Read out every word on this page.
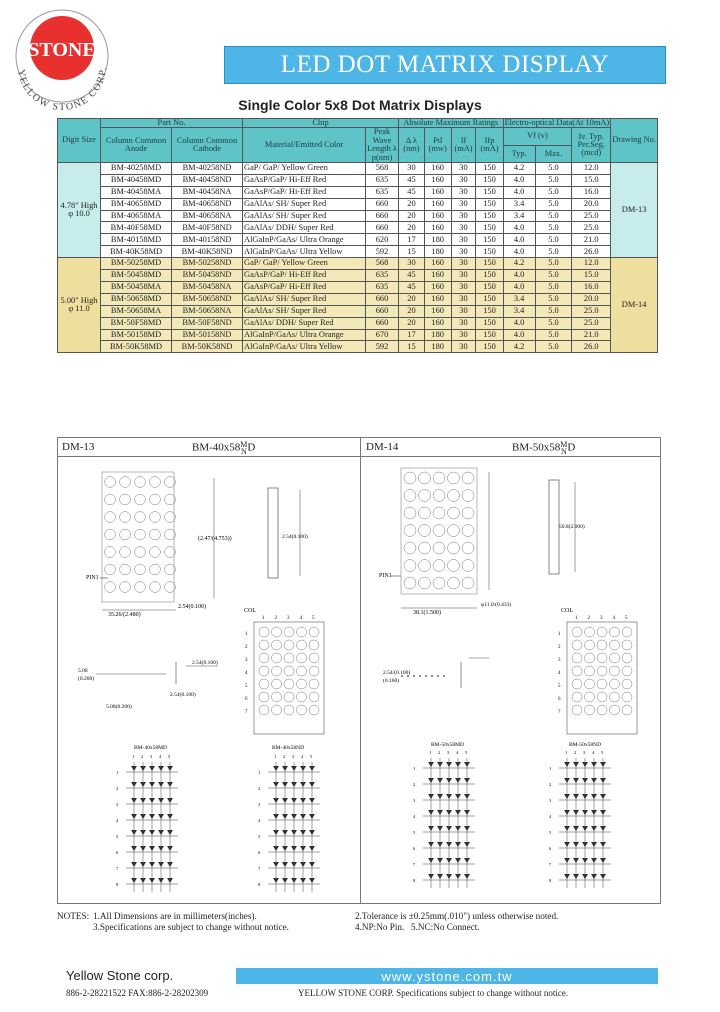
STONE
YELLOW STONE CORP.	LED DOT MATRIX DISPLAY
Single Color 5x8 Dot Matrix Displays
Digit Size	Part No.		Chip		Absolute Maximum Ratings				Electro-optical Data(At 10mA)			Drawing No.
	Column Common Anode	Column Common Cathode	Material/Emitted Color	Peak Wave Length λ p(nm)	Δ λ (nm)	Pd (mw)	If (mA)	Ifp (mA)	Vf (v)		Iv. Typ. Per.Seg. (mcd)	
									Typ.	Max.		
4.78" High φ 10.0	BM-40258MD	BM-40258ND	GaP/ GaP/ Yellow Green	568	30	160	30	150	4.2	5.0	12.0	DM-13
	BM-40458MD	BM-40458ND	GaAsP/GaP/ Hi-Eff Red	635	45	160	30	150	4.0	5.0	15.0	
	BM-40458MA	BM-40458NA	GaAsP/GaP/ Hi-Eff Red	635	45	160	30	150	4.0	5.0	16.0	
	BM-40658MD	BM-40658ND	GaAlAs/ SH/ Super Red	660	20	160	30	150	3.4	5.0	20.0	
	BM-40658MA	BM-40658NA	GaAlAs/ SH/ Super Red	660	20	160	30	150	3.4	5.0	25.0	
	BM-40F58MD	BM-40F58ND	GaAlAs/ DDH/ Super Red	660	20	160	30	150	4.0	5.0	25.0	
	BM-40158MD	BM-40158ND	AlGaInP/GaAs/ Ultra Orange	620	17	180	30	150	4.0	5.0	21.0	
	BM-40K58MD	BM-40K58ND	AlGaInP/GaAs/ Ultra Yellow	592	15	180	30	150	4.0	5.0	26.0	
5.00" High φ 11.0	BM-50258MD	BM-50258ND	GaP/ GaP/ Yellow Green	568	30	160	30	150	4.2	5.0	12.0	DM-14
	BM-50458MD	BM-50458ND	GaAsP/GaP/ Hi-Eff Red	635	45	160	30	150	4.0	5.0	15.0	
	BM-50458MA	BM-50458NA	GaAsP/GaP/ Hi-Eff Red	635	45	160	30	150	4.0	5.0	16.0	
	BM-50658MD	BM-50658ND	GaAlAs/ SH/ Super Red	660	20	160	30	150	3.4	5.0	20.0	
	BM-50658MA	BM-50658NA	GaAlAs/ SH/ Super Red	660	20	160	30	150	3.4	5.0	25.0	
	BM-50F58MD	BM-50F58ND	GaAlAs/ DDH/ Super Red	660	20	160	30	150	4.0	5.0	25.0	
	BM-50158MD	BM-50158ND	AlGaInP/GaAs/ Ultra Orange	670	17	180	30	150	4.0	5.0	21.0	
	BM-50K58MD	BM-50K58ND	AlGaInP/GaAs/ Ultra Yellow	592	15	180	30	150	4.2	5.0	26.0	
DM-13	BM-40x58M
ND	DM-14	BM-50x58M
ND
PIN1
35.26/(2.480)
2.54(0.100)
(2.47/(4.753))	2.54(0.100)
5.08
(0.200)
2.54(0.100)
2.54(0.100)
5.08(0.200)
COL
1
2
3
4
5
6
7
1 2 3 4 5
BM-40x58MD	BM-40x58ND
1 2 3 4 5
1
2
3
4
5
6
7
8
1 2 3 4 5
1
2
3
4
5
6
7
8
PIN1
38.1(1.500)
φ11.0/(0.433)
50.8(2.000)
2.54/(0.100)
(0.160)
COL
1
2
3
4
5
6
7
1 2 3 4 5
BM-50x58MD	BM-50x58ND
1 2 3 4 5
1
2
3
4
5
6
7
8
1 2 3 4 5
1
2
3
4
5
6
7
8
NOTES: 1.All Dimensions are in millimeters(inches).	2.Tolerance is ±0.25mm(.010") unless otherwise noted.
3.Specifications are subject to change without notice.	4.NP:No Pin. 5.NC:No Connect.
Yellow Stone corp.	www.ystone.com.tw
886-2-28221522 FAX:886-2-28202309	YELLOW STONE CORP. Specifications subject to change without notice.
